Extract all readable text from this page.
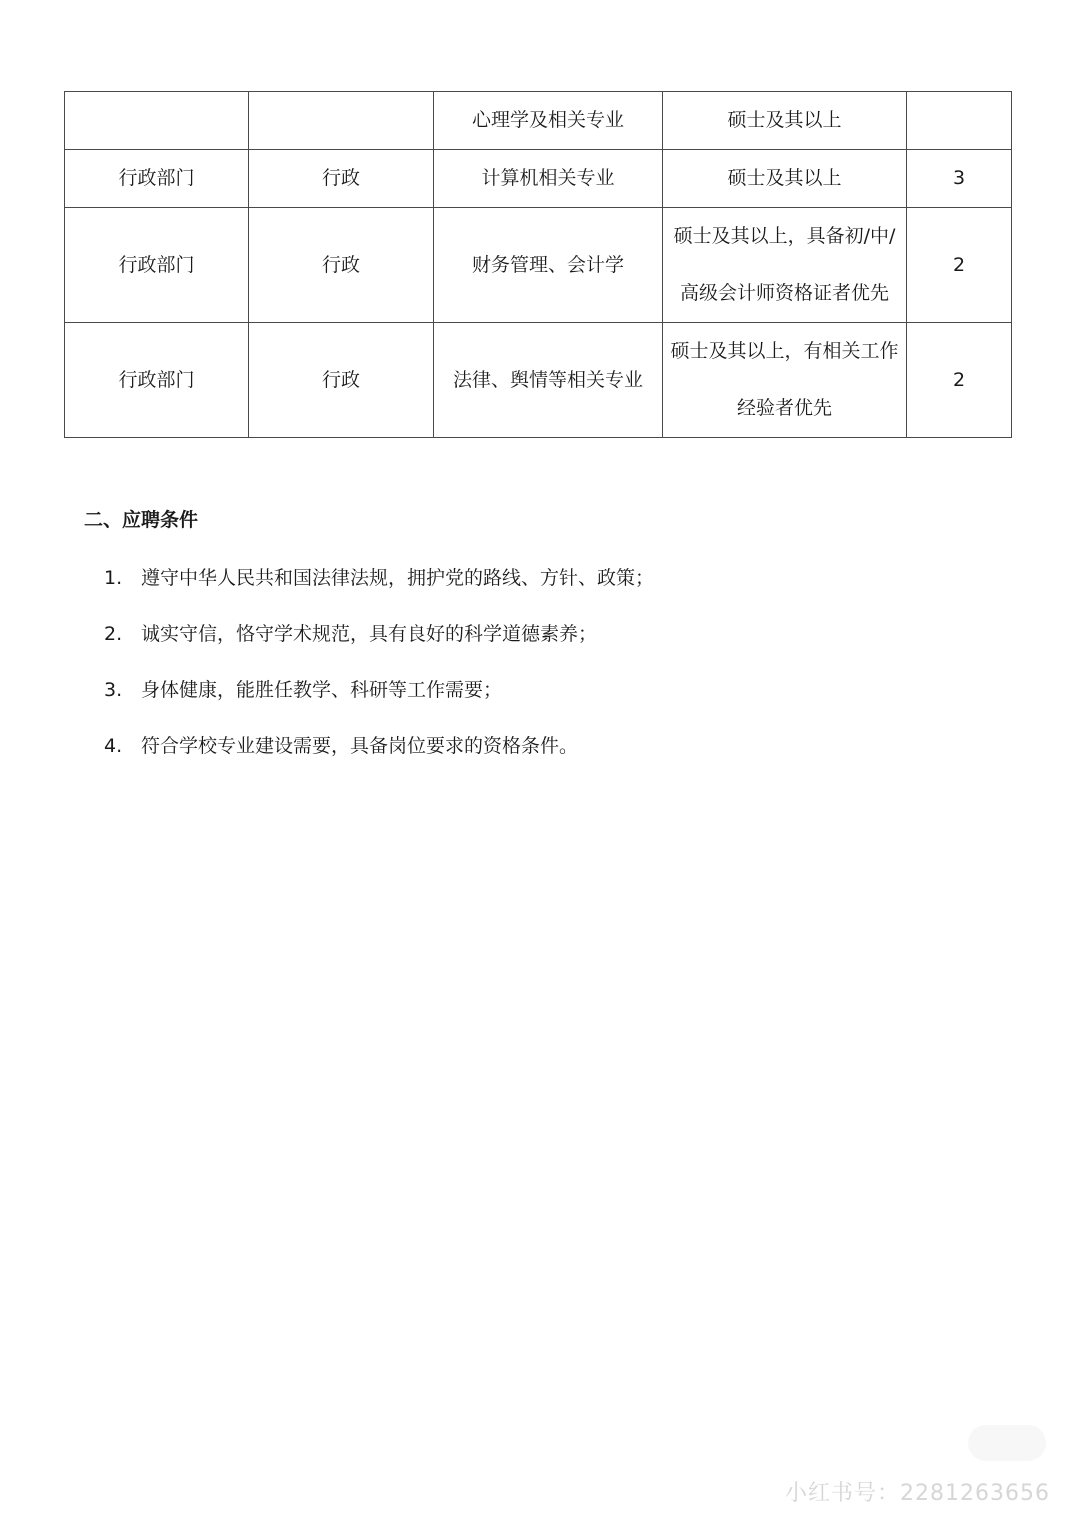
		心理学及相关专业	硕士及其以上	

行政部门	行政	计算机相关专业	硕士及其以上	3
行政部门	行政	财务管理、会计学	硕士及其以上，具备初/中/
高级会计师资格证者优先	2
行政部门	行政	法律、舆情等相关专业	硕士及其以上，有相关工作
经验者优先	2
二、应聘条件
1. 遵守中华人民共和国法律法规，拥护党的路线、方针、政策；
2. 诚实守信，恪守学术规范，具有良好的科学道德素养；
3. 身体健康，能胜任教学、科研等工作需要；
4. 符合学校专业建设需要，具备岗位要求的资格条件。
小红书号：2281263656
